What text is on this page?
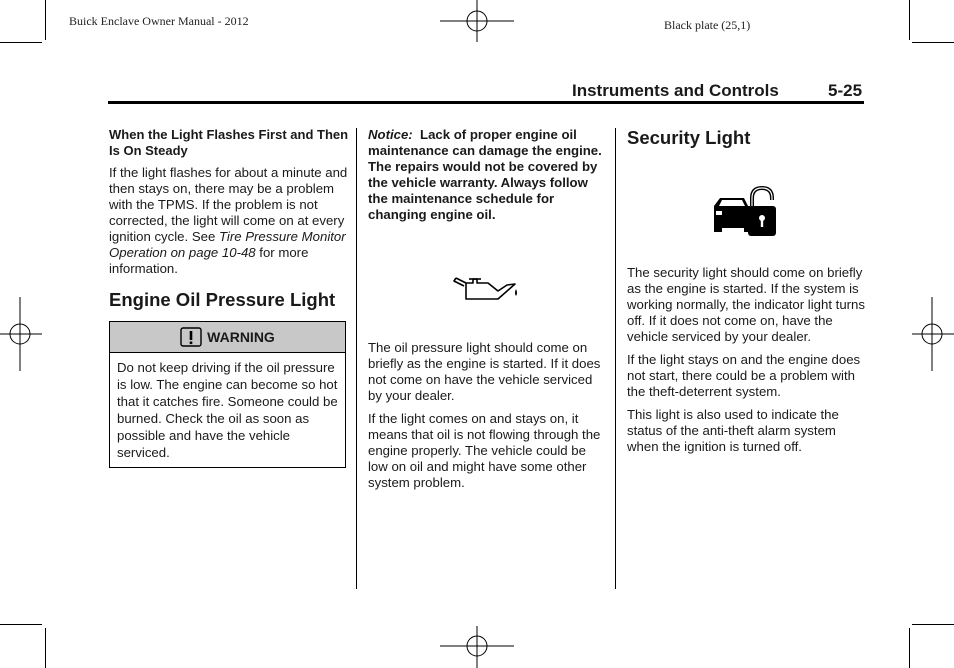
Buick Enclave Owner Manual - 2012	Black plate (25,1)
Instruments and Controls	5-25
When the Light Flashes First and Then Is On Steady

If the light flashes for about a minute and then stays on, there may be a problem with the TPMS. If the problem is not corrected, the light will come on at every ignition cycle. See Tire Pressure Monitor Operation on page 10-48 for more information.

Engine Oil Pressure Light
WARNING
Do not keep driving if the oil pressure is low. The engine can become so hot that it catches fire. Someone could be burned. Check the oil as soon as possible and have the vehicle serviced.

Notice: Lack of proper engine oil maintenance can damage the engine. The repairs would not be covered by the vehicle warranty. Always follow the maintenance schedule for changing engine oil.

The oil pressure light should come on briefly as the engine is started. If it does not come on have the vehicle serviced by your dealer.

If the light comes on and stays on, it means that oil is not flowing through the engine properly. The vehicle could be low on oil and might have some other system problem.

Security Light

The security light should come on briefly as the engine is started. If the system is working normally, the indicator light turns off. If it does not come on, have the vehicle serviced by your dealer.

If the light stays on and the engine does not start, there could be a problem with the theft-deterrent system.

This light is also used to indicate the status of the anti-theft alarm system when the ignition is turned off.
